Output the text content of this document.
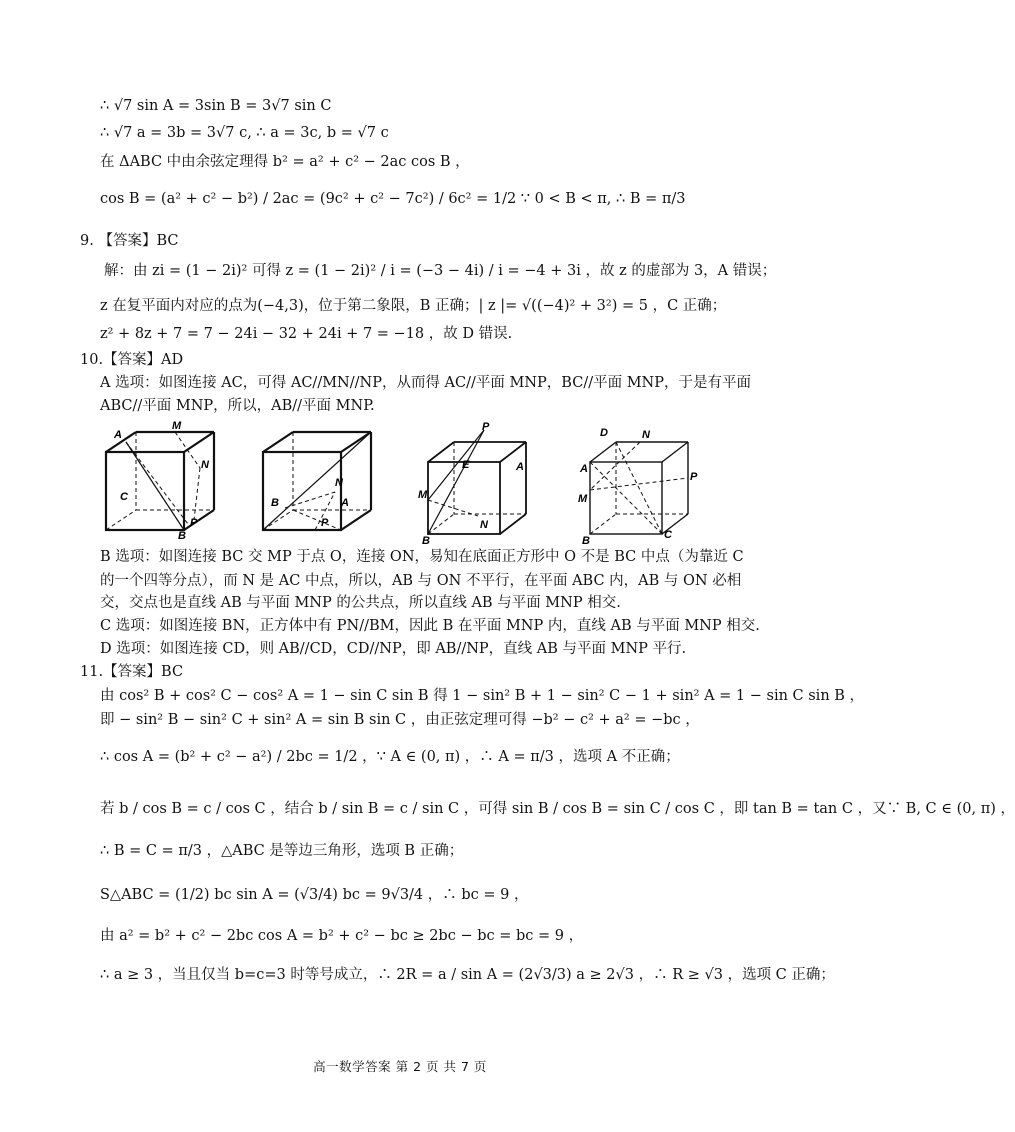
∴ √7 sin A = 3sin B = 3√7 sin C
∴ √7 a = 3b = 3√7 c, ∴ a = 3c, b = √7 c
在 ΔABC 中由余弦定理得 b² = a² + c² − 2ac cos B ，
cos B = (a² + c² − b²) / 2ac = (9c² + c² − 7c²) / 6c² = 1/2 ∵ 0 < B < π, ∴ B = π/3
9. 【答案】BC
解：由 zi = (1 − 2i)² 可得 z = (1 − 2i)² / i = (−3 − 4i) / i = −4 + 3i ，故 z 的虚部为 3，A 错误；
z 在复平面内对应的点为(−4,3)，位于第二象限，B 正确；| z |= √((−4)² + 3²) = 5 ，C 正确；
z² + 8z + 7 = 7 − 24i − 32 + 24i + 7 = −18 ，故 D 错误.
10.【答案】AD
A 选项：如图连接 AC，可得 AC//MN//NP，从而得 AC//平面 MNP，BC//平面 MNP，于是有平面
ABC//平面 MNP，所以，AB//平面 MNP.
A
M
N
C
P
B
N
B	A
P
P
E	A
M
N
B
D	N
A
P
M
B	C
B 选项：如图连接 BC 交 MP 于点 O，连接 ON，易知在底面正方形中 O 不是 BC 中点（为靠近 C
的一个四等分点），而 N 是 AC 中点，所以，AB 与 ON 不平行，在平面 ABC 内，AB 与 ON 必相
交，交点也是直线 AB 与平面 MNP 的公共点，所以直线 AB 与平面 MNP 相交.
C 选项：如图连接 BN，正方体中有 PN//BM，因此 B 在平面 MNP 内，直线 AB 与平面 MNP 相交.
D 选项：如图连接 CD，则 AB//CD，CD//NP，即 AB//NP，直线 AB 与平面 MNP 平行.
11.【答案】BC
由 cos² B + cos² C − cos² A = 1 − sin C sin B 得 1 − sin² B + 1 − sin² C − 1 + sin² A = 1 − sin C sin B ，
即 − sin² B − sin² C + sin² A = sin B sin C ，由正弦定理可得 −b² − c² + a² = −bc ，
∴ cos A = (b² + c² − a²) / 2bc = 1/2 ，∵ A ∈ (0, π) ，∴ A = π/3 ，选项 A 不正确；
若 b / cos B = c / cos C ，结合 b / sin B = c / sin C ，可得 sin B / cos B = sin C / cos C ，即 tan B = tan C ，又∵ B, C ∈ (0, π) ，
∴ B = C = π/3 ，△ABC 是等边三角形，选项 B 正确；
S△ABC = (1/2) bc sin A = (√3/4) bc = 9√3/4 ，∴ bc = 9 ，
由 a² = b² + c² − 2bc cos A = b² + c² − bc ≥ 2bc − bc = bc = 9 ，
∴ a ≥ 3 ，当且仅当 b=c=3 时等号成立，∴ 2R = a / sin A = (2√3/3) a ≥ 2√3 ，∴ R ≥ √3 ，选项 C 正确；
高一数学答案 第 2 页 共 7 页
